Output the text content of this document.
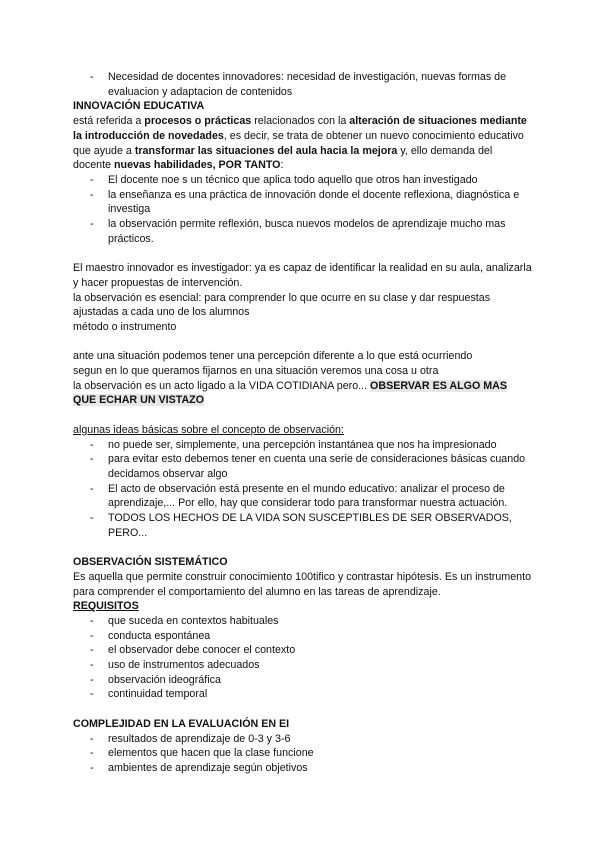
- Necesidad de docentes innovadores: necesidad de investigación, nuevas formas de evaluacion y adaptacion de contenidos

INNOVACIÓN EDUCATIVA

está referida a procesos o prácticas relacionados con la alteración de situaciones mediante la introducción de novedades, es decir, se trata de obtener un nuevo conocimiento educativo que ayude a transformar las situaciones del aula hacia la mejora y, ello demanda del docente nuevas habilidades, POR TANTO:

- El docente noe s un técnico que aplica todo aquello que otros han investigado
- la enseñanza es una práctica de innovación donde el docente reflexiona, diagnóstica e investiga
- la observación permite reflexión, busca nuevos modelos de aprendizaje mucho mas prácticos.

El maestro innovador es investigador: ya es capaz de identificar la realidad en su aula, analizarla y hacer propuestas de intervención.

la observación es esencial: para comprender lo que ocurre en su clase y dar respuestas ajustadas a cada uno de los alumnos

método o instrumento

ante una situación podemos tener una percepción diferente a lo que está ocurriendo

segun en lo que queramos fijarnos en una situación veremos una cosa u otra

la observación es un acto ligado a la VIDA COTIDIANA pero... OBSERVAR ES ALGO MAS QUE ECHAR UN VISTAZO

algunas ideas básicas sobre el concepto de observación:

- no puede ser, simplemente, una percepción instantánea que nos ha impresionado
- para evitar esto debemos tener en cuenta una serie de consideraciones básicas cuando decidamos observar algo
- El acto de observación está presente en el mundo educativo: analizar el proceso de aprendizaje,... Por ello, hay que considerar todo para transformar nuestra actuación.
- TODOS LOS HECHOS DE LA VIDA SON SUSCEPTIBLES DE SER OBSERVADOS, PERO...

OBSERVACIÓN SISTEMÁTICO

Es aquella que permite construir conocimiento 100tifico y contrastar hipótesis. Es un instrumento para comprender el comportamiento del alumno en las tareas de aprendizaje.

REQUISITOS

- que suceda en contextos habituales
- conducta espontánea
- el observador debe conocer el contexto
- uso de instrumentos adecuados
- observación ideográfica
- continuidad temporal

COMPLEJIDAD EN LA EVALUACIÓN EN EI

- resultados de aprendizaje de 0-3 y 3-6
- elementos que hacen que la clase funcione
- ambientes de aprendizaje según objetivos
